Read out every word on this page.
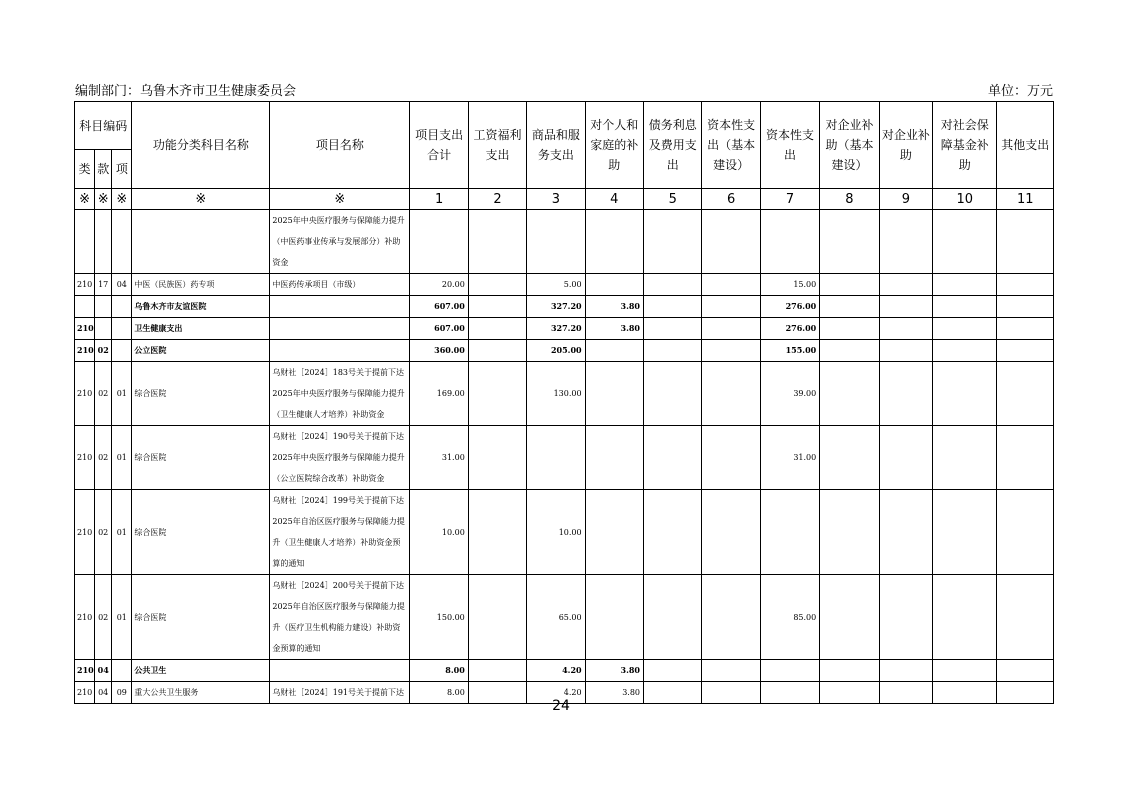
编制部门：乌鲁木齐市卫生健康委员会	单位：万元
科目编码			功能分类科目名称	项目名称	项目支出合计	工资福利支出	商品和服务支出	对个人和家庭的补助	债务利息及费用支出	资本性支出（基本建设）	资本性支出	对企业补助（基本建设）	对企业补助	对社会保障基金补助	其他支出
类	款	项													
※	※	※	※	※	1	2	3	4	5	6	7	8	9	10	11
				2025年中央医疗服务与保障能力提升（中医药事业传承与发展部分）补助资金											
210	17	04	中医（民族医）药专项	中医药传承项目（市级）	20.00		5.00				15.00				
			乌鲁木齐市友谊医院		607.00		327.20	3.80			276.00				
210			卫生健康支出		607.00		327.20	3.80			276.00				
210	02		公立医院		360.00		205.00				155.00				
210	02	01	综合医院	乌财社［2024］183号关于提前下达2025年中央医疗服务与保障能力提升（卫生健康人才培养）补助资金	169.00		130.00				39.00				
210	02	01	综合医院	乌财社［2024］190号关于提前下达2025年中央医疗服务与保障能力提升（公立医院综合改革）补助资金	31.00						31.00				
210	02	01	综合医院	乌财社［2024］199号关于提前下达2025年自治区医疗服务与保障能力提升（卫生健康人才培养）补助资金预算的通知	10.00		10.00								
210	02	01	综合医院	乌财社［2024］200号关于提前下达2025年自治区医疗服务与保障能力提升（医疗卫生机构能力建设）补助资金预算的通知	150.00		65.00				85.00				
210	04		公共卫生		8.00		4.20	3.80							
210	04	09	重大公共卫生服务	乌财社［2024］191号关于提前下达	8.00		4.20	3.80							
24
